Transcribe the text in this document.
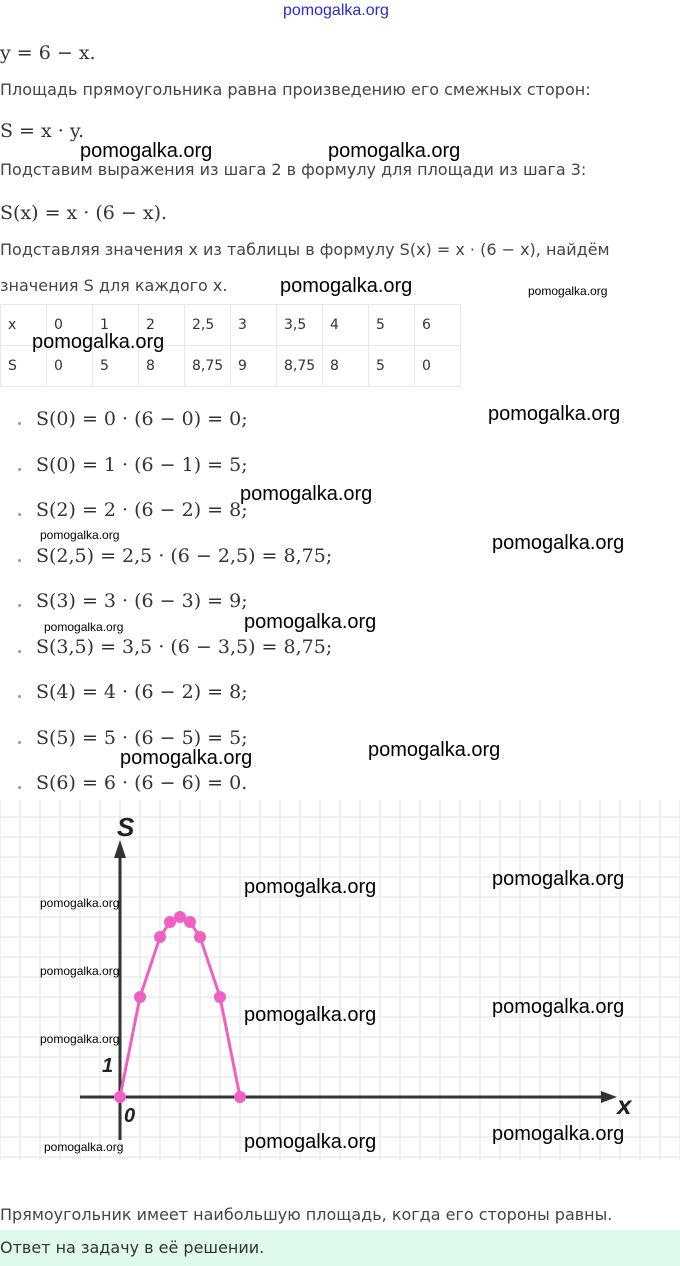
pomogalka.org
y = 6 − x.
Площадь прямоугольника равна произведению его смежных сторон:
S = x · y.
Подставим выражения из шага 2 в формулу для площади из шага 3:
S(x) = x · (6 − x).
Подставляя значения x из таблицы в формулу S(x) = x · (6 − x), найдём
значения S для каждого x.
x	0	1	2	2,5	3	3,5	4	5	6
S	0	5	8	8,75	9	8,75	8	5	0
S(0) = 0 · (6 − 0) = 0;
S(0) = 1 · (6 − 1) = 5;
S(2) = 2 · (6 − 2) = 8;
S(2,5) = 2,5 · (6 − 2,5) = 8,75;
S(3) = 3 · (6 − 3) = 9;
S(3,5) = 3,5 · (6 − 3,5) = 8,75;
S(4) = 4 · (6 − 2) = 8;
S(5) = 5 · (6 − 5) = 5;
S(6) = 6 · (6 − 6) = 0.
S
x
0
1
Прямоугольник имеет наибольшую площадь, когда его стороны равны.
Ответ на задачу в её решении.
pomogalka.org	pomogalka.org
pomogalka.org	pomogalka.org
pomogalka.org
pomogalka.org
pomogalka.org
pomogalka.org	pomogalka.org
pomogalka.org	pomogalka.org
pomogalka.org	pomogalka.org
pomogalka.org	pomogalka.org
pomogalka.org
pomogalka.org
pomogalka.org	pomogalka.org
pomogalka.org
pomogalka.org	pomogalka.org	pomogalka.org
